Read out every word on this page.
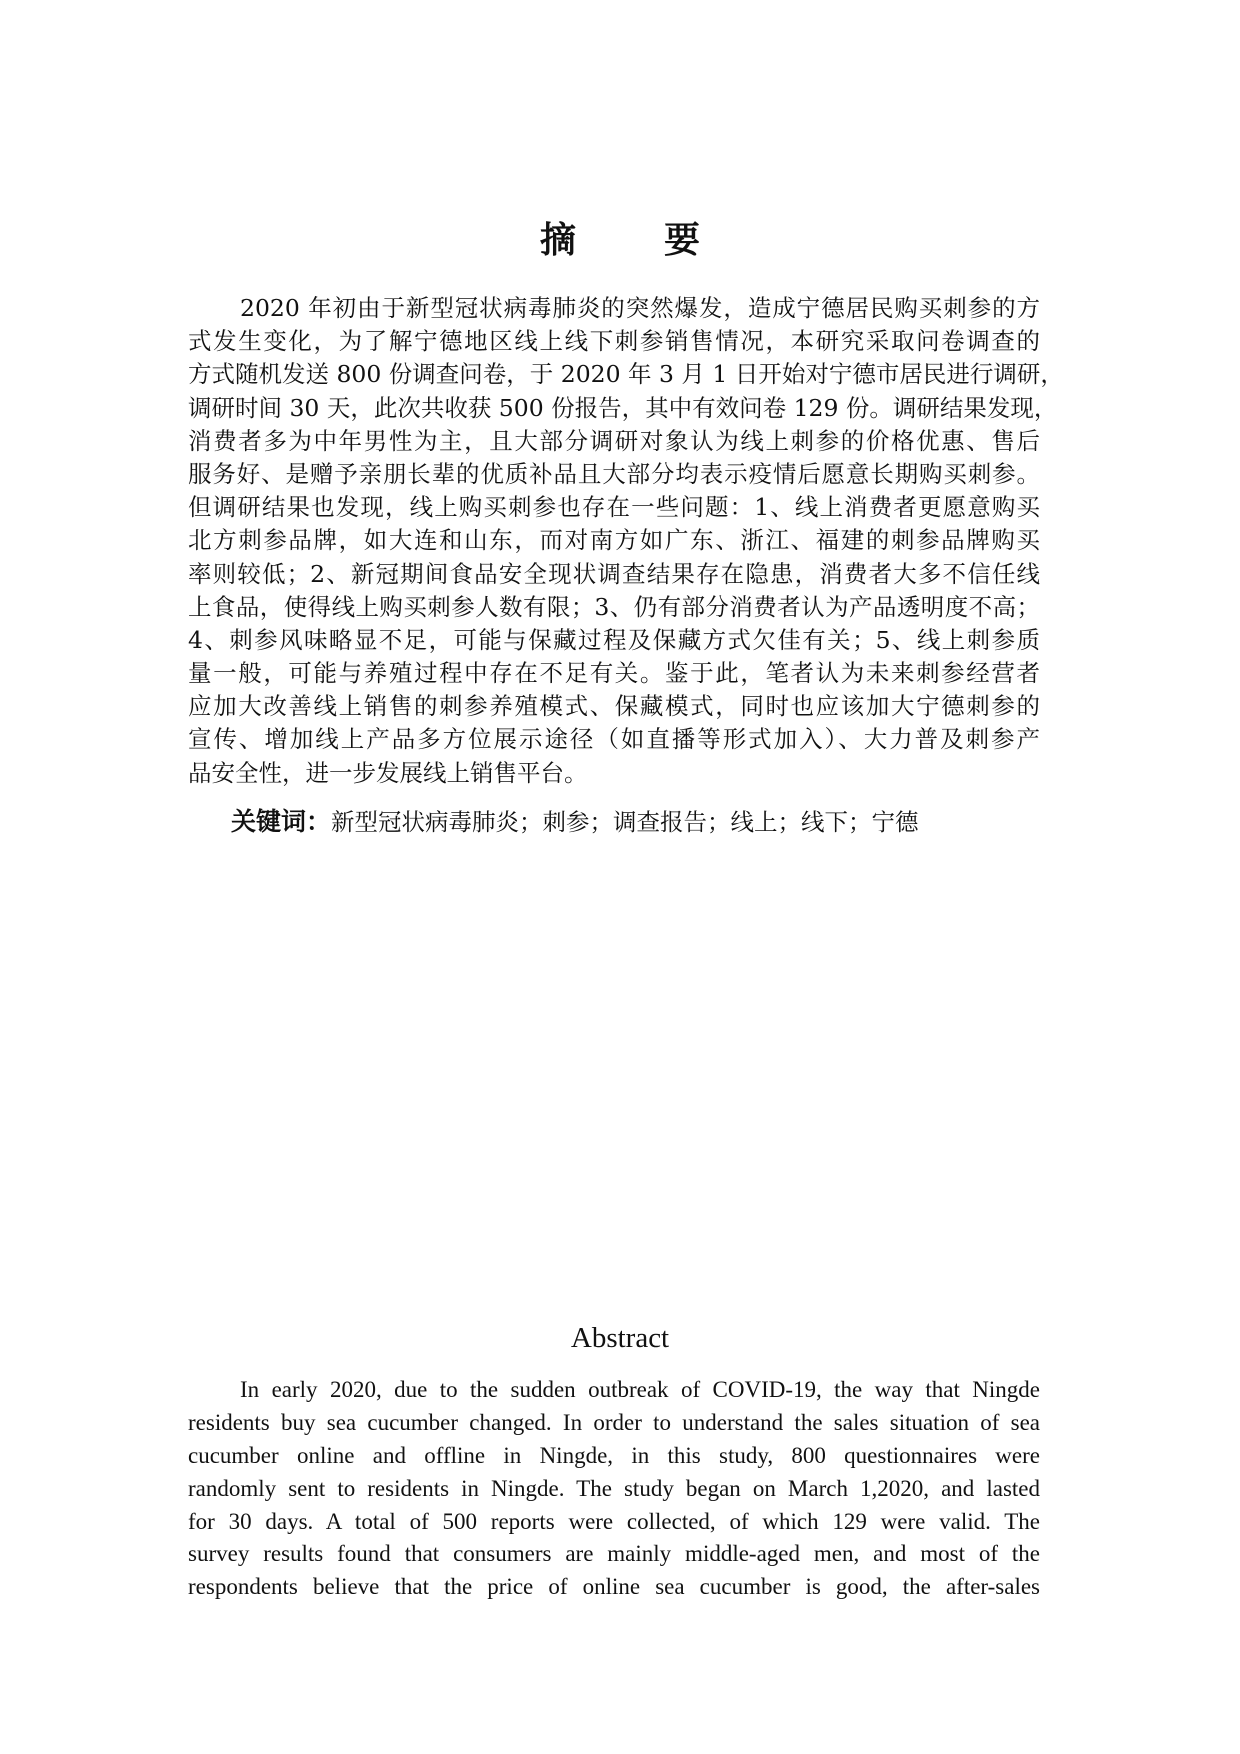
摘 要
2020 年初由于新型冠状病毒肺炎的突然爆发，造成宁德居民购买刺参的方
式发生变化，为了解宁德地区线上线下刺参销售情况，本研究采取问卷调查的
方式随机发送 800 份调查问卷，于 2020 年 3 月 1 日开始对宁德市居民进行调研，
调研时间 30 天，此次共收获 500 份报告，其中有效问卷 129 份。调研结果发现，
消费者多为中年男性为主，且大部分调研对象认为线上刺参的价格优惠、售后
服务好、是赠予亲朋长辈的优质补品且大部分均表示疫情后愿意长期购买刺参。
但调研结果也发现，线上购买刺参也存在一些问题：1、线上消费者更愿意购买
北方刺参品牌，如大连和山东，而对南方如广东、浙江、福建的刺参品牌购买
率则较低；2、新冠期间食品安全现状调查结果存在隐患，消费者大多不信任线
上食品，使得线上购买刺参人数有限；3、仍有部分消费者认为产品透明度不高；
4、刺参风味略显不足，可能与保藏过程及保藏方式欠佳有关；5、线上刺参质
量一般，可能与养殖过程中存在不足有关。鉴于此，笔者认为未来刺参经营者
应加大改善线上销售的刺参养殖模式、保藏模式，同时也应该加大宁德刺参的
宣传、增加线上产品多方位展示途径（如直播等形式加入）、大力普及刺参产
品安全性，进一步发展线上销售平台。
关键词：新型冠状病毒肺炎；刺参；调查报告；线上；线下；宁德
Abstract
In early 2020, due to the sudden outbreak of COVID-19, the way that Ningde
residents buy sea cucumber changed. In order to understand the sales situation of sea
cucumber online and offline in Ningde, in this study, 800 questionnaires were
randomly sent to residents in Ningde. The study began on March 1,2020, and lasted
for 30 days. A total of 500 reports were collected, of which 129 were valid. The
survey results found that consumers are mainly middle-aged men, and most of the
respondents believe that the price of online sea cucumber is good, the after-sales
